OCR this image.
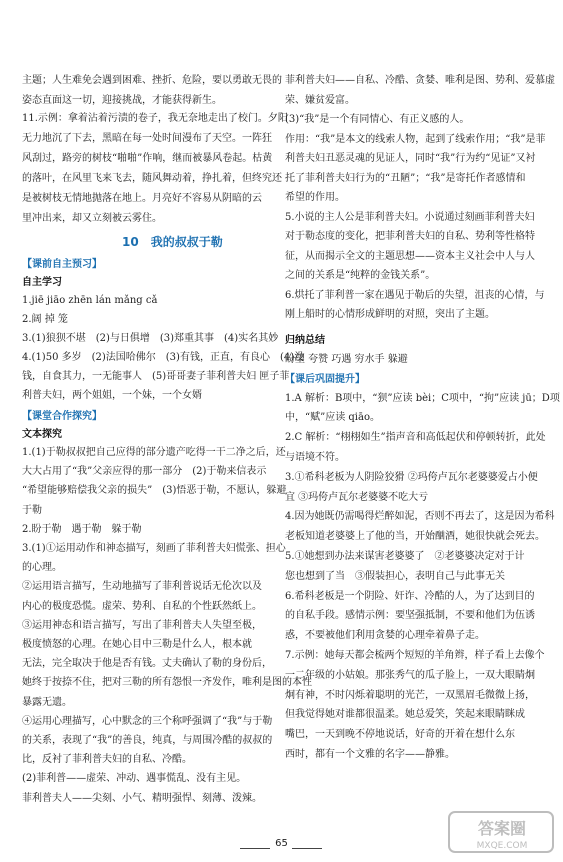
主题；人生难免会遇到困难、挫折、危险，要以勇敢无畏的
姿态直面这一切，迎接挑战，才能获得新生。
11.示例：拿着沾着污渍的卷子，我无奈地走出了校门。夕阳
无力地沉了下去，黑暗在每一处时间漫布了天空。一阵狂
风刮过，路旁的树枝“啪啪”作响，继而被暴风卷起。枯黄
的落叶，在风里飞来飞去，随风舞动着，挣扎着，但终究还
是被树枝无情地抛落在地上。月亮好不容易从阴暗的云
里冲出来，却又立刻被云雾住。
10　我的叔叔于勒
【课前自主预习】
自主学习
1.jiē jiāo zhēn lán mǎng cǎ
2.阔 掉 笼
3.(1)狼狈不堪　(2)与日俱增　(3)郑重其事　(4)实名其妙
4.(1)50 多岁　(2)法国哈佛尔　(3)有钱，正直，有良心　(4)没
钱，自食其力，一无能事人　(5)哥哥妻子菲利普夫妇 匣子菲
利普夫妇，两个姐姐，一个妹，一个女婿
【课堂合作探究】
文本探究
1.(1)于勒叔叔把自己应得的部分遗产吃得一干二净之后，还
大大占用了“我”父亲应得的那一部分　(2)于勒来信表示
“希望能够赔偿我父亲的损失”　(3)悟恶于勒，不愿认，躲避
于勒
2.盼于勒　遇于勒　躲于勒
3.(1)①运用动作和神态描写，刻画了菲利普夫妇慌张、担心
的心理。
②运用语言描写，生动地描写了菲利普说话无伦次以及
内心的极度恐慌。虚荣、势利、自私的个性跃然纸上。
③运用神态和语言描写，写出了菲利普夫人失望至极，
极度愤怒的心理。在她心目中三勒是什么人，根本就
无法，完全取决于他是否有钱。丈夫确认了勒的身份后，
她终于按捺不住，把对三勒的所有怨恨一齐发作，唯利是图的本性
暴露无遗。
④运用心理描写，心中默念的三个称呼强调了“我”与于勒
的关系，表现了“我”的善良，纯真，与周围冷酷的叔叔的
比，反衬了菲利普夫妇的自私、冷酷。
(2)菲利普——虚荣、冲动、遇事慌乱、没有主见。
菲利普夫人——尖刻、小气、精明强悍、刻薄、泼辣。
菲利普夫妇——自私、冷酷、贪婪、唯利是图、势利、爱慕虚
荣、嫌贫爱富。
(3)“我”是一个有同情心、有正义感的人。
作用：“我”是本文的线索人物，起到了线索作用；“我”是菲
利普夫妇丑恶灵魂的见证人，同时“我”行为约“见证”又衬
托了菲利普夫妇行为的“丑陋”；“我”是寄托作者感情和
希望的作用。
5.小说的主人公是菲利普夫妇。小说通过刻画菲利普夫妇
对于勒态度的变化，把菲利普夫妇的自私、势利等性格特
征，从而揭示全文的主题思想——资本主义社会中人与人
之间的关系是“纯粹的金钱关系”。
6.烘托了菲利普一家在遇见于勒后的失望，沮丧的心情，与
刚上船时的心情形成鲜明的对照，突出了主题。
归纳总结
盼望 夸赞 巧遇 穷水手 躲避
【课后巩固提升】
1.A 解析：B项中，“狈”应读 bèi；C项中，“拘”应读 jū；D项
中，“赋”应读 qiāo。
2.C 解析：“栩栩如生”指声音和高低起伏和停顿转折，此处
与语境不符。
3.①希科老板为人阴险狡猾 ②玛侉卢瓦尔老婆婆爱占小便
宜 ③玛侉卢瓦尔老婆婆不吃大亏
4.因为她既仍需喝得烂醉如泥，否则不再去了，这是因为希科
老板知道老婆婆上了他的当，开始酗酒，她很快就会死去。
5.①她想到办法来谋害老婆婆了　②老婆婆决定对于计
您也想到了当　③假装担心，表明自己与此事无关
6.希科老板是一个阴险、奸诈、冷酷的人，为了达到目的
的自私手段。感情示例：要坚强抵制，不要和他们为伍诱
惑，不要被他们利用贪婪的心理牵着鼻子走。
7.示例：她每天都会梳两个短短的羊角辫，样子看上去像个
一二年级的小姑娘。那张秀气的瓜子脸上，一双大眼睛炯
炯有神，不时闪烁着聪明的光芒，一双黑眉毛微微上扬，
但我觉得她对谁都很温柔。她总爱笑，笑起来眼睛眯成
嘴巴，一天到晚不停地说话，好奇的开着在想什么东
西时，都有一个文雅的名字——静雅。
65
答案圈
MXQE.COM
